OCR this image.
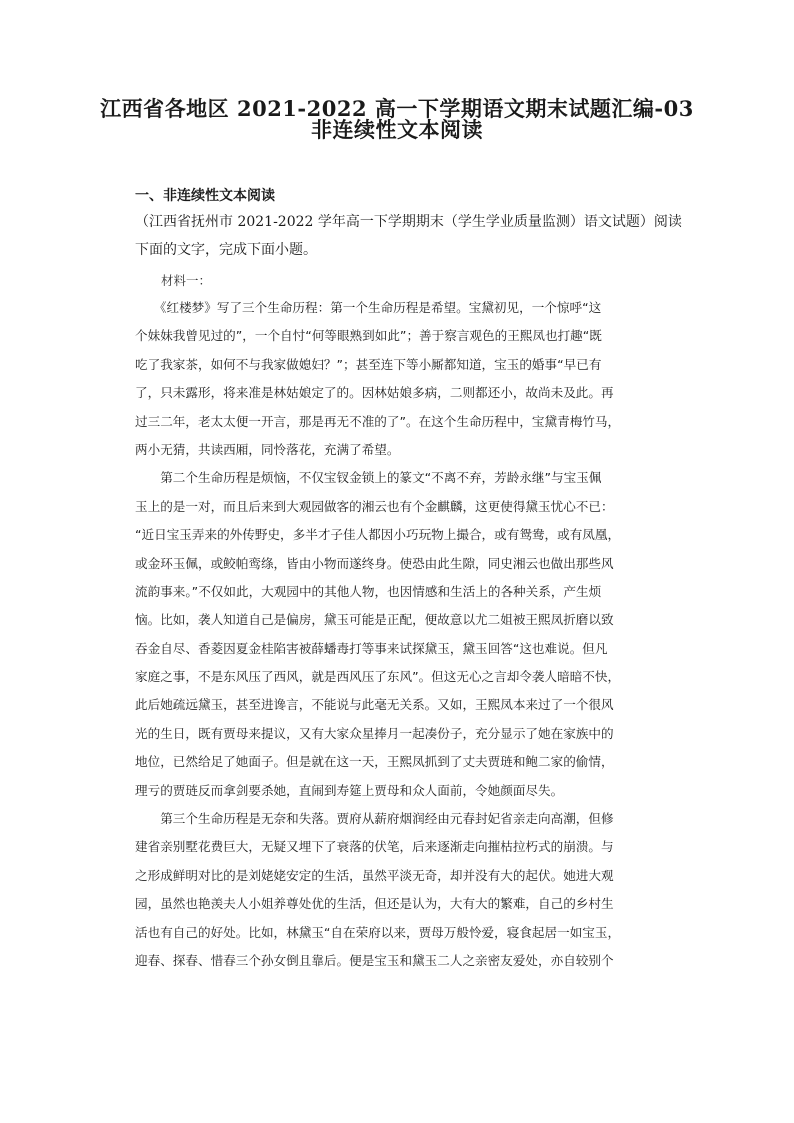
江西省各地区 2021-2022 高一下学期语文期末试题汇编-03
非连续性文本阅读

一、非连续性文本阅读

（江西省抚州市 2021-2022 学年高一下学期期末（学生学业质量监测）语文试题）阅读
下面的文字，完成下面小题。

材料一：

　　《红楼梦》写了三个生命历程：第一个生命历程是希望。宝黛初见，一个惊呼“这
个妹妹我曾见过的”，一个自忖“何等眼熟到如此”；善于察言观色的王熙凤也打趣“既
吃了我家茶，如何不与我家做媳妇？”；甚至连下等小厮都知道，宝玉的婚事“早已有
了，只未露形，将来准是林姑娘定了的。因林姑娘多病，二则都还小，故尚未及此。再
过三二年，老太太便一开言，那是再无不准的了”。在这个生命历程中，宝黛青梅竹马，
两小无猜，共读西厢，同怜落花，充满了希望。
　　第二个生命历程是烦恼，不仅宝钗金锁上的篆文“不离不弃，芳龄永继”与宝玉佩
玉上的是一对，而且后来到大观园做客的湘云也有个金麒麟，这更使得黛玉忧心不已：
“近日宝玉弄来的外传野史，多半才子佳人都因小巧玩物上撮合，或有鸳鸯，或有凤凰，
或金环玉佩，或鲛帕鸾绦，皆由小物而遂终身。使恐由此生隙，同史湘云也做出那些风
流韵事来。”不仅如此，大观园中的其他人物，也因情感和生活上的各种关系，产生烦
恼。比如，袭人知道自己是偏房，黛玉可能是正配，便故意以尤二姐被王熙凤折磨以致
吞金自尽、香菱因夏金桂陷害被薛蟠毒打等事来试探黛玉，黛玉回答“这也难说。但凡
家庭之事，不是东风压了西风，就是西风压了东风”。但这无心之言却令袭人暗暗不快，
此后她疏远黛玉，甚至进谗言，不能说与此毫无关系。又如，王熙凤本来过了一个很风
光的生日，既有贾母来提议，又有大家众星捧月一起凑份子，充分显示了她在家族中的
地位，已然给足了她面子。但是就在这一天，王熙凤抓到了丈夫贾琏和鲍二家的偷情，
理亏的贾琏反而拿剑要杀她，直闹到寿筵上贾母和众人面前，令她颜面尽失。
　　第三个生命历程是无奈和失落。贾府从薪府烟润经由元春封妃省亲走向高潮，但修
建省亲别墅花费巨大，无疑又埋下了衰落的伏笔，后来逐渐走向摧枯拉朽式的崩溃。与
之形成鲜明对比的是刘姥姥安定的生活，虽然平淡无奇，却并没有大的起伏。她进大观
园，虽然也艳羡夫人小姐养尊处优的生活，但还是认为，大有大的繁难，自己的乡村生
活也有自己的好处。比如，林黛玉“自在荣府以来，贾母万般怜爱，寝食起居一如宝玉，
迎春、探春、惜春三个孙女倒且靠后。便是宝玉和黛玉二人之亲密友爱处，亦自较别个
